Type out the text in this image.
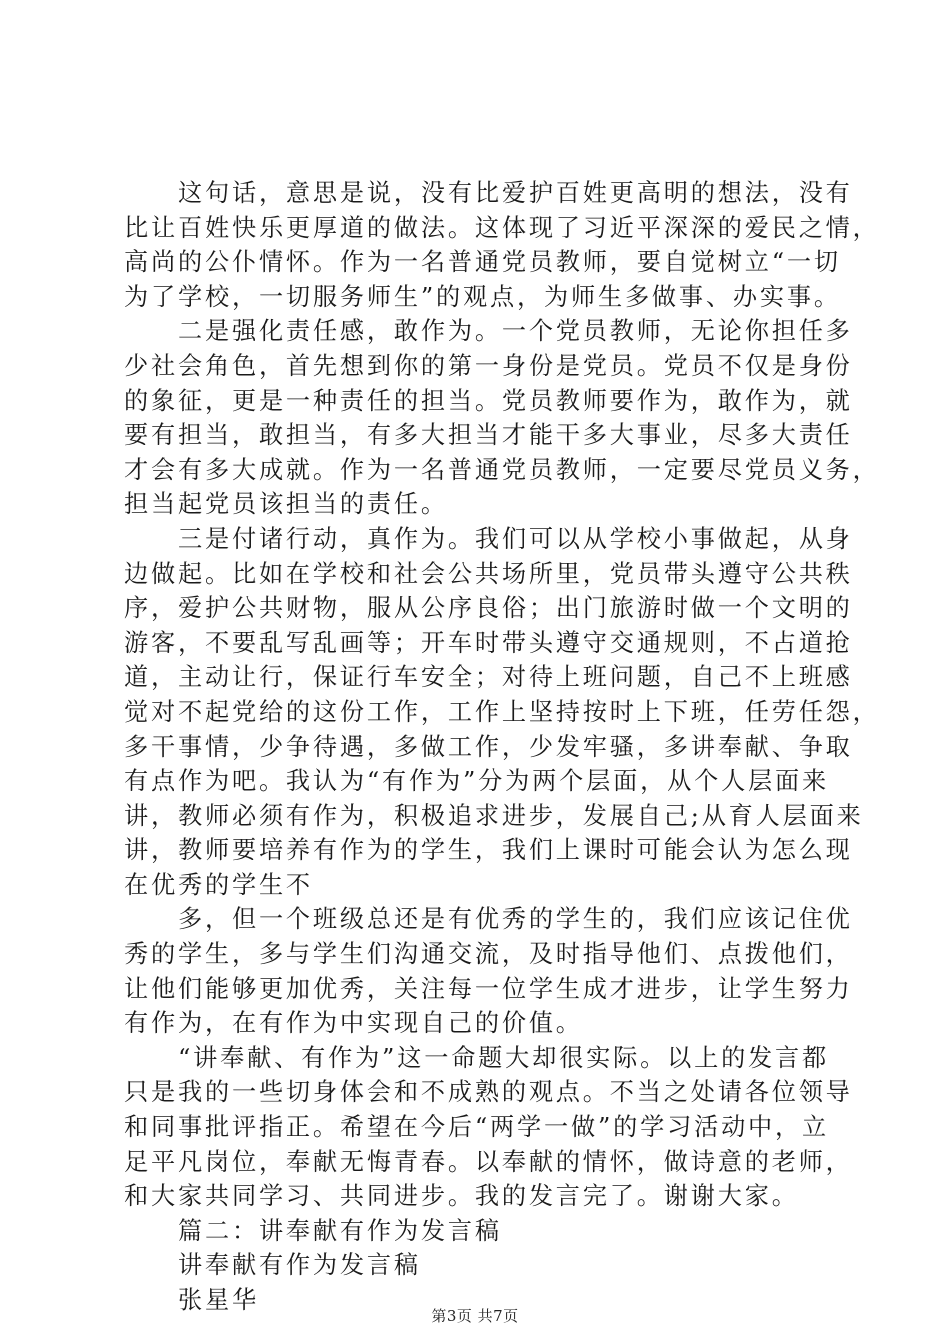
　　这句话，意思是说，没有比爱护百姓更高明的想法，没有
比让百姓快乐更厚道的做法。这体现了习近平深深的爱民之情，
高尚的公仆情怀。作为一名普通党员教师，要自觉树立“一切
为了学校，一切服务师生”的观点，为师生多做事、办实事。
　　二是强化责任感，敢作为。一个党员教师，无论你担任多
少社会角色，首先想到你的第一身份是党员。党员不仅是身份
的象征，更是一种责任的担当。党员教师要作为，敢作为，就
要有担当，敢担当，有多大担当才能干多大事业，尽多大责任
才会有多大成就。作为一名普通党员教师，一定要尽党员义务，
担当起党员该担当的责任。
　　三是付诸行动，真作为。我们可以从学校小事做起，从身
边做起。比如在学校和社会公共场所里，党员带头遵守公共秩
序，爱护公共财物，服从公序良俗；出门旅游时做一个文明的
游客，不要乱写乱画等；开车时带头遵守交通规则，不占道抢
道，主动让行，保证行车安全；对待上班问题，自己不上班感
觉对不起党给的这份工作，工作上坚持按时上下班，任劳任怨，
多干事情，少争待遇，多做工作，少发牢骚，多讲奉献、争取
有点作为吧。我认为“有作为”分为两个层面，从个人层面来
讲，教师必须有作为，积极追求进步，发展自己;从育人层面来
讲，教师要培养有作为的学生，我们上课时可能会认为怎么现
在优秀的学生不
　　多，但一个班级总还是有优秀的学生的，我们应该记住优
秀的学生，多与学生们沟通交流，及时指导他们、点拨他们，
让他们能够更加优秀，关注每一位学生成才进步，让学生努力
有作为，在有作为中实现自己的价值。
　　“讲奉献、有作为”这一命题大却很实际。以上的发言都
只是我的一些切身体会和不成熟的观点。不当之处请各位领导
和同事批评指正。希望在今后“两学一做”的学习活动中，立
足平凡岗位，奉献无悔青春。以奉献的情怀，做诗意的老师，
和大家共同学习、共同进步。我的发言完了。谢谢大家。
　　篇二：讲奉献有作为发言稿
　　讲奉献有作为发言稿
　　张星华
第3页 共7页
